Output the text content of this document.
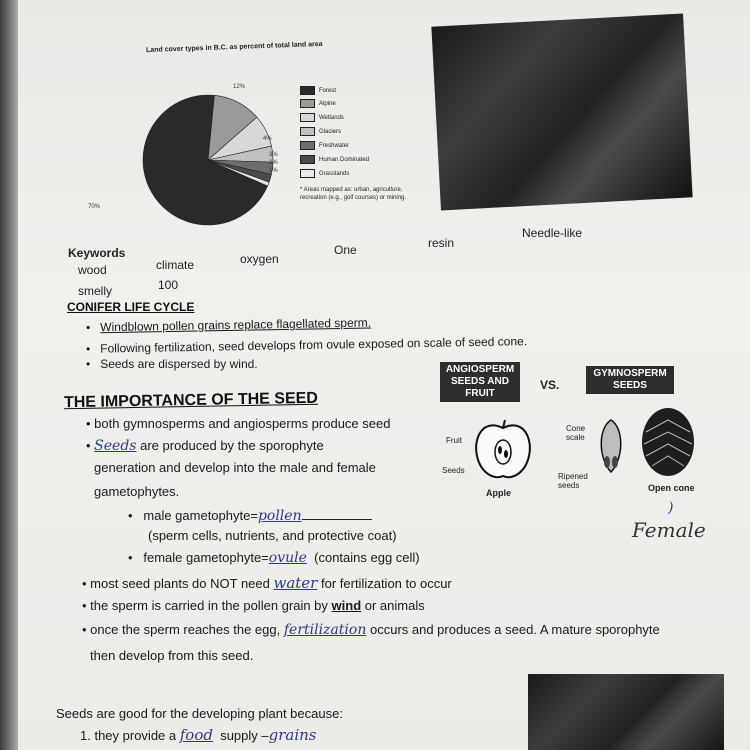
Land cover types in B.C. as percent of total land area
70%
12%
4%
3%
2%
1%
Forest
Alpine
Wetlands
Glaciers
Freshwater
Human Dominated
Grasslands
* Areas mapped as: urban, agriculture, recreation (e.g., golf courses) or mining.
Keywords
wood	climate	oxygen
One	resin
Needle-like
smelly	100
CONIFER LIFE CYCLE
•   Windblown pollen grains replace flagellated sperm.
•   Following fertilization, seed develops from ovule exposed on scale of seed cone.
•   Seeds are dispersed by wind.	ANGIOSPERM SEEDS AND FRUIT
VS.
GYMNOSPERM SEEDS
Fruit
Seeds
Apple
Cone scale
Ripened seeds	Open cone
)
Female
THE IMPORTANCE OF THE SEED
• both gymnosperms and angiosperms produce seed
• Seeds are produced by the sporophyte
generation and develop into the male and female
gametophytes.
•   male gametophyte=pollen
(sperm cells, nutrients, and protective coat)
•   female gametophyte=ovule (contains egg cell)
• most seed plants do NOT need water for fertilization to occur
• the sperm is carried in the pollen grain by wind or animals
• once the sperm reaches the egg, fertilization occurs and produces a seed. A mature sporophyte
then develop from this seed.
Seeds are good for the developing plant because:
1. they provide a food supply –grains
